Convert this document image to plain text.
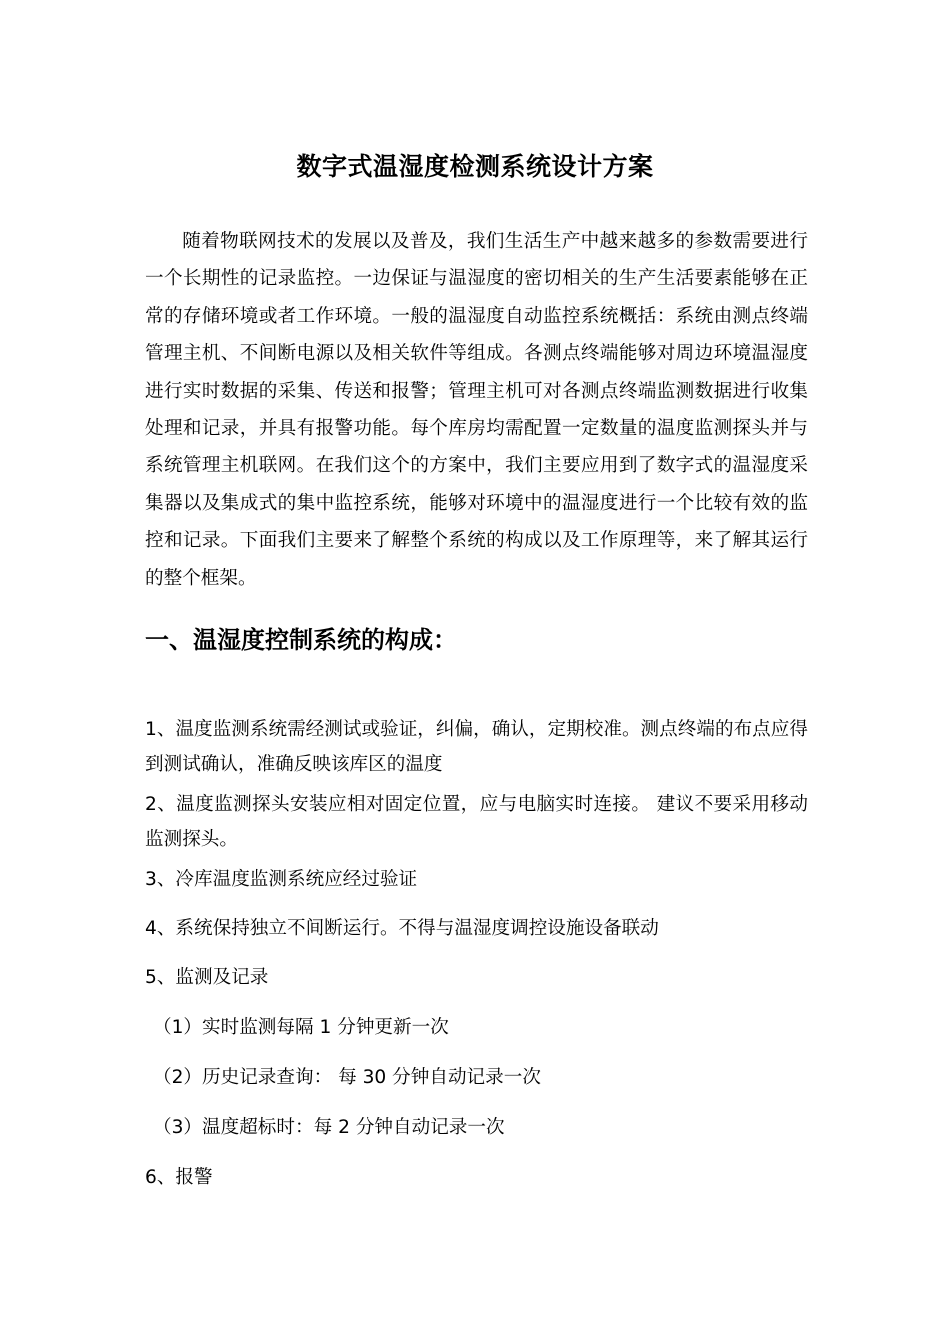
数字式温湿度检测系统设计方案

随着物联网技术的发展以及普及，我们生活生产中越来越多的参数需要进行一个长期性的记录监控。一边保证与温湿度的密切相关的生产生活要素能够在正常的存储环境或者工作环境。一般的温湿度自动监控系统概括：系统由测点终端管理主机、不间断电源以及相关软件等组成。各测点终端能够对周边环境温湿度进行实时数据的采集、传送和报警；管理主机可对各测点终端监测数据进行收集处理和记录，并具有报警功能。每个库房均需配置一定数量的温度监测探头并与系统管理主机联网。在我们这个的方案中，我们主要应用到了数字式的温湿度采集器以及集成式的集中监控系统，能够对环境中的温湿度进行一个比较有效的监控和记录。下面我们主要来了解整个系统的构成以及工作原理等，来了解其运行的整个框架。

一、温湿度控制系统的构成：

1、温度监测系统需经测试或验证，纠偏，确认，定期校准。测点终端的布点应得到测试确认，准确反映该库区的温度

2、温度监测探头安装应相对固定位置，应与电脑实时连接。 建议不要采用移动监测探头。

3、冷库温度监测系统应经过验证

4、系统保持独立不间断运行。不得与温湿度调控设施设备联动

5、监测及记录

（1）实时监测每隔 1 分钟更新一次

（2）历史记录查询： 每 30 分钟自动记录一次

（3）温度超标时：每 2 分钟自动记录一次

6、报警
